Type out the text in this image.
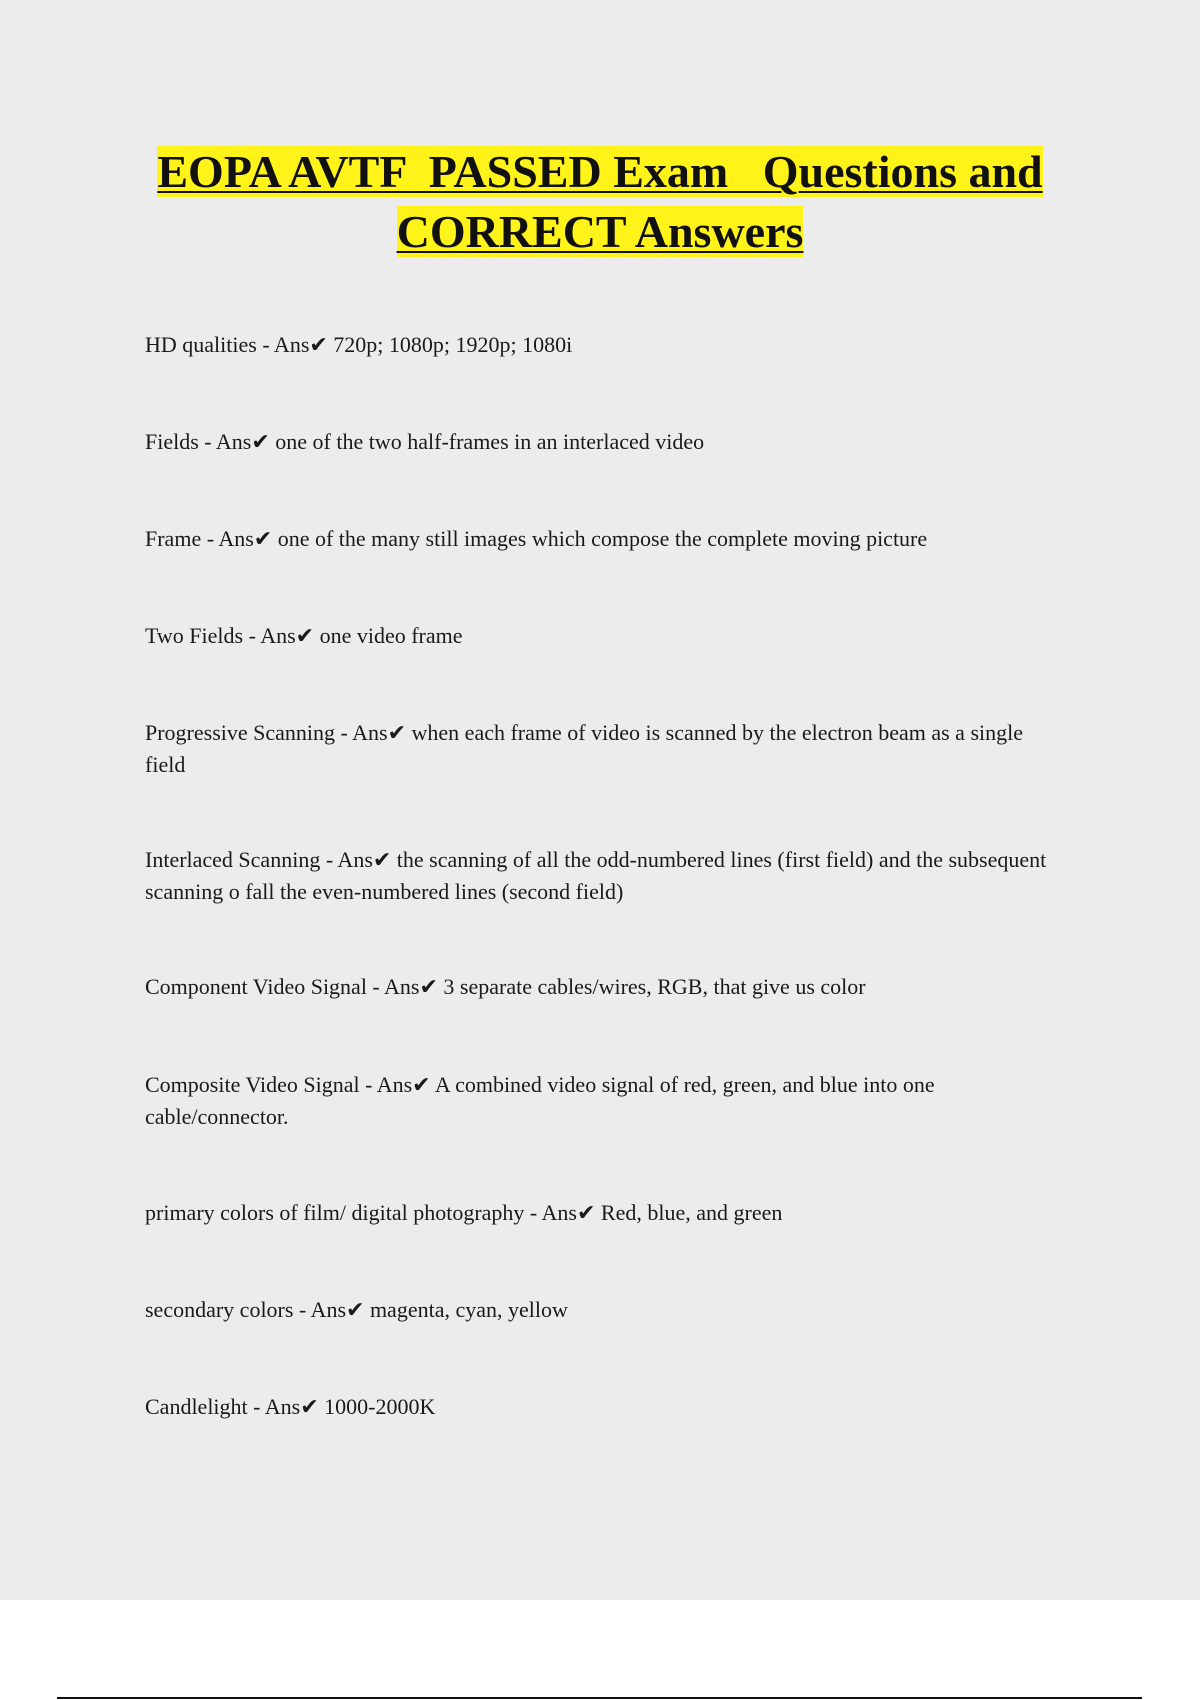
EOPA AVTF  PASSED Exam   Questions and
CORRECT Answers
HD qualities - Ans✔ 720p; 1080p; 1920p; 1080i
Fields - Ans✔ one of the two half-frames in an interlaced video
Frame - Ans✔ one of the many still images which compose the complete moving picture
Two Fields - Ans✔ one video frame
Progressive Scanning - Ans✔ when each frame of video is scanned by the electron beam as a single field
Interlaced Scanning - Ans✔ the scanning of all the odd-numbered lines (first field) and the subsequent scanning o fall the even-numbered lines (second field)
Component Video Signal - Ans✔ 3 separate cables/wires, RGB, that give us color
Composite Video Signal - Ans✔ A combined video signal of red, green, and blue into one cable/connector.
primary colors of film/ digital photography - Ans✔ Red, blue, and green
secondary colors - Ans✔ magenta, cyan, yellow
Candlelight - Ans✔ 1000-2000K
